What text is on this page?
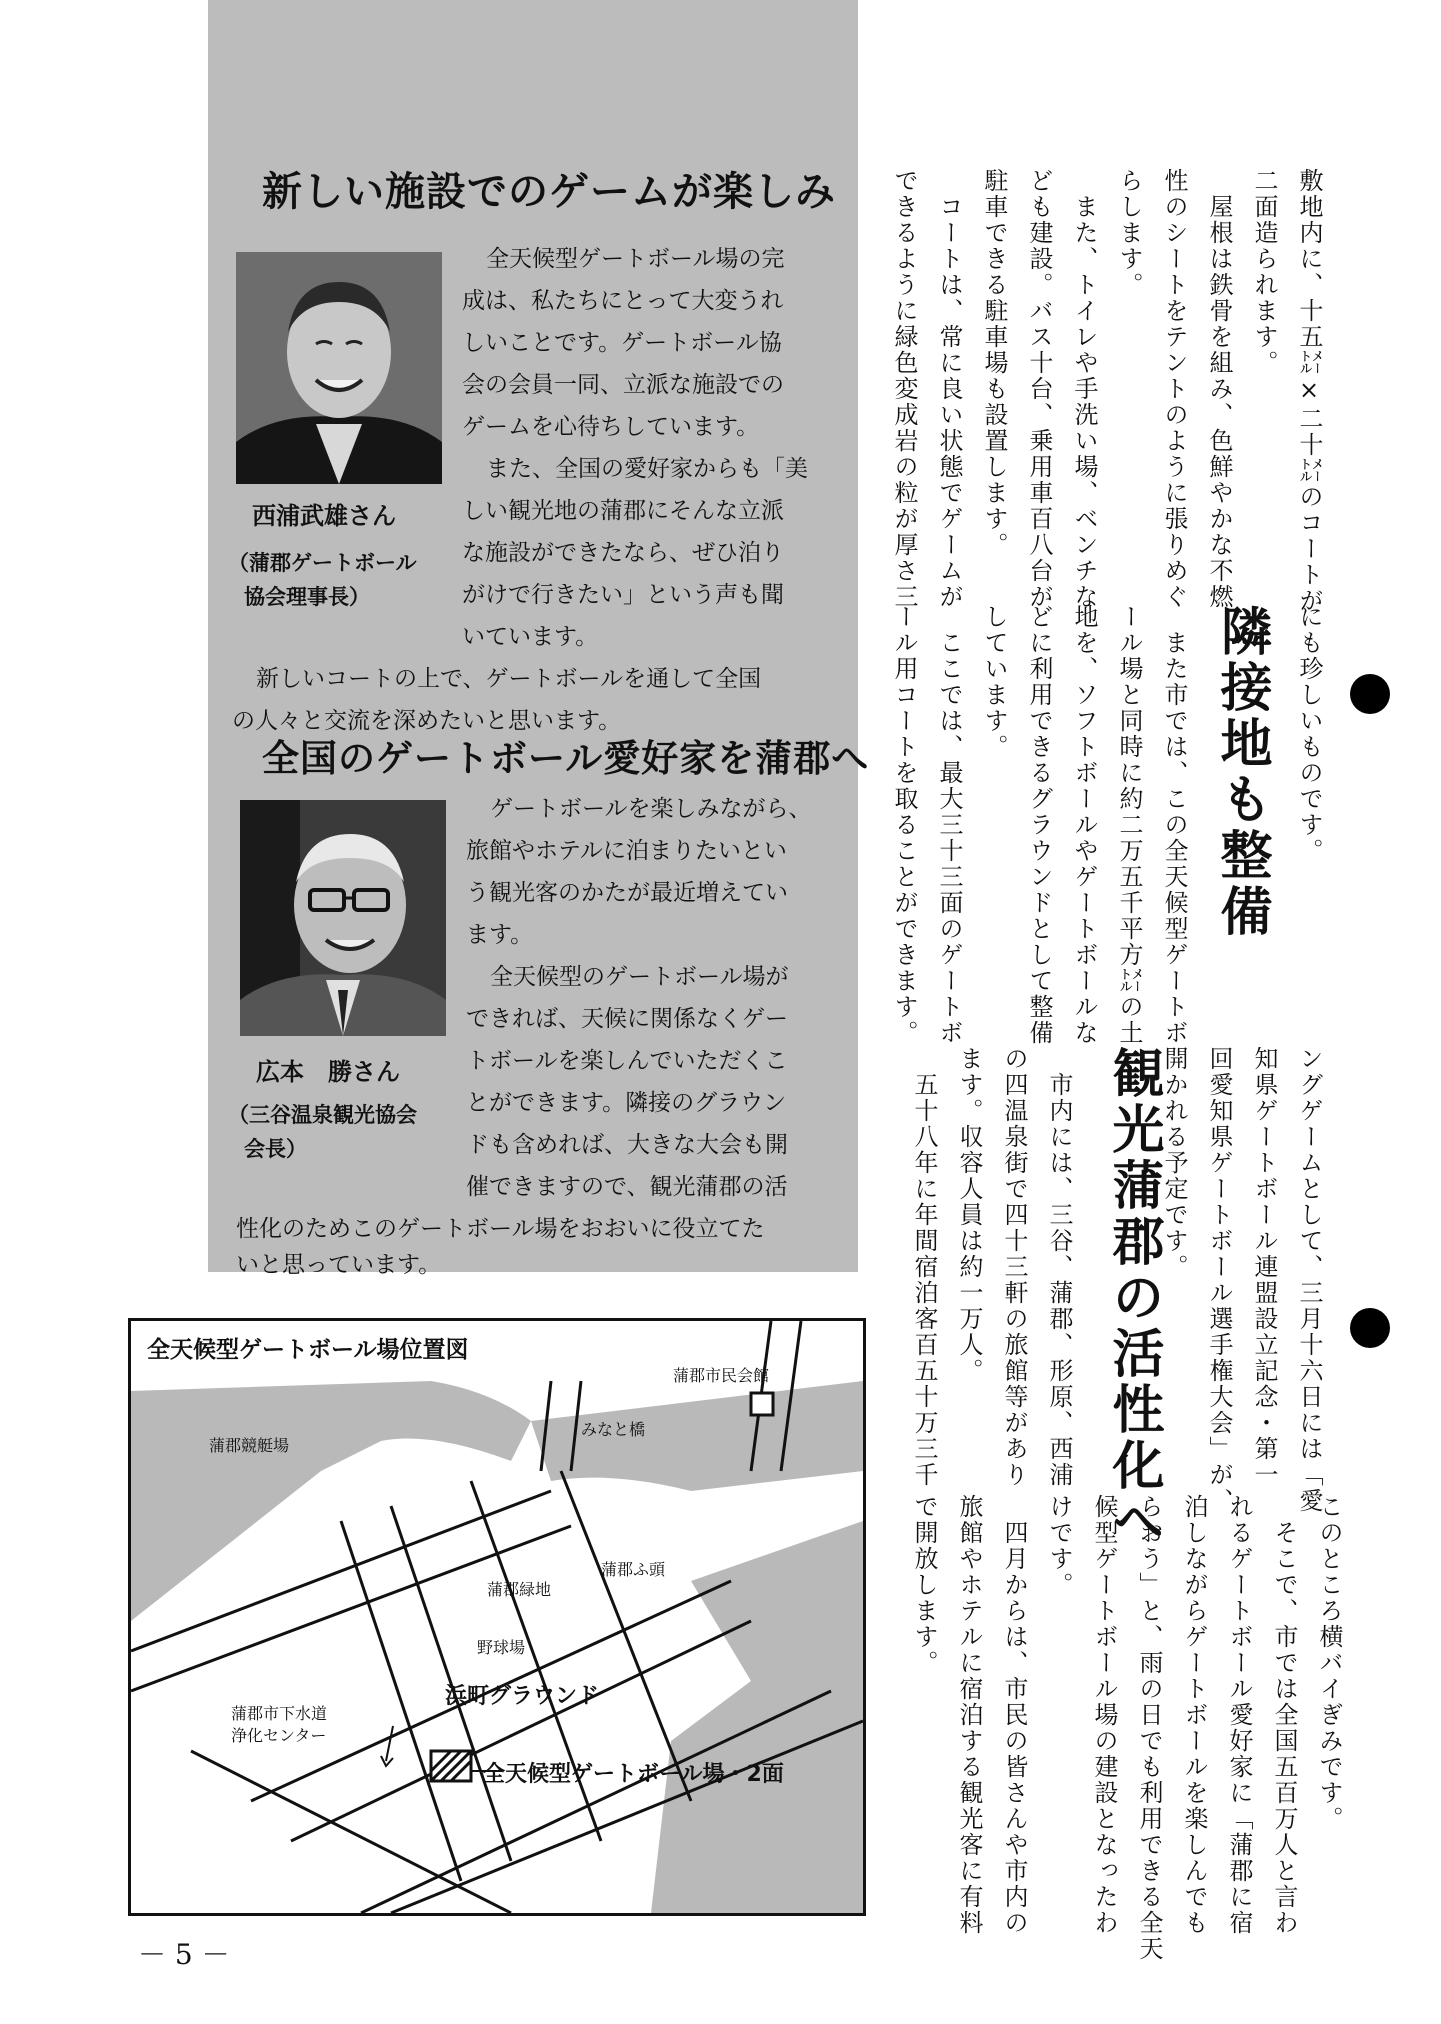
新しい施設でのゲームが楽しみ
西浦武雄さん
（蒲郡ゲートボール
協会理事長）
全天候型ゲートボール場の完
成は、私たちにとって大変うれ
しいことです。ゲートボール協
会の会員一同、立派な施設での
ゲームを心待ちしています。
また、全国の愛好家からも「美
しい観光地の蒲郡にそんな立派
な施設ができたなら、ぜひ泊り
がけで行きたい」という声も聞
いています。
新しいコートの上で、ゲートボールを通して全国
の人々と交流を深めたいと思います。
全国のゲートボール愛好家を蒲郡へ
広本　勝さん
（三谷温泉観光協会
会長）
ゲートボールを楽しみながら、
旅館やホテルに泊まりたいとい
う観光客のかたが最近増えてい
ます。
全天候型のゲートボール場が
できれば、天候に関係なくゲー
トボールを楽しんでいただくこ
とができます。隣接のグラウン
ドも含めれば、大きな大会も開
催できますので、観光蒲郡の活
性化のためこのゲートボール場をおおいに役立てた
いと思っています。
敷地内に、十五㍍×二十㍍のコートが
二面造られます。
　屋根は鉄骨を組み、色鮮やかな不燃
性のシートをテントのように張りめぐ
らします。
　また、トイレや手洗い場、ベンチな
ども建設。バス十台、乗用車百八台が
駐車できる駐車場も設置します。
　コートは、常に良い状態でゲームが
できるように緑色変成岩の粒が厚さ三
隣接地も整備 にも珍しいものです。
　また市では、この全天候型ゲートボ
ール場と同時に約二万五千平方㍍の土
地を、ソフトボールやゲートボールな
どに利用できるグラウンドとして整備
しています。
　ここでは、最大三十三面のゲートボ
ール用コートを取ることができます。
観光蒲郡の活性化へ	ングゲームとして、三月十六日には「愛
知県ゲートボール連盟設立記念・第一
回愛知県ゲートボール選手権大会」が、
開かれる予定です。
　市内には、三谷、蒲郡、形原、西浦
の四温泉街で四十三軒の旅館等があり
ます。収容人員は約一万人。
　五十八年に年間宿泊客百五十万三千
このところ横バイぎみです。
　そこで、市では全国五百万人と言わ
れるゲートボール愛好家に「蒲郡に宿
泊しながらゲートボールを楽しんでも
らおう」と、雨の日でも利用できる全天
候型ゲートボール場の建設となったわ
けです。
　四月からは、市民の皆さんや市内の
旅館やホテルに宿泊する観光客に有料
で開放します。
全天候型ゲートボール場位置図
蒲郡市民会館
みなと橋
蒲郡競艇場
蒲郡緑地
蒲郡ふ頭
野球場
蒲郡市下水道
浄化センター
浜町グラウンド
全天候型ゲートボール場・2面
－ 5 －
